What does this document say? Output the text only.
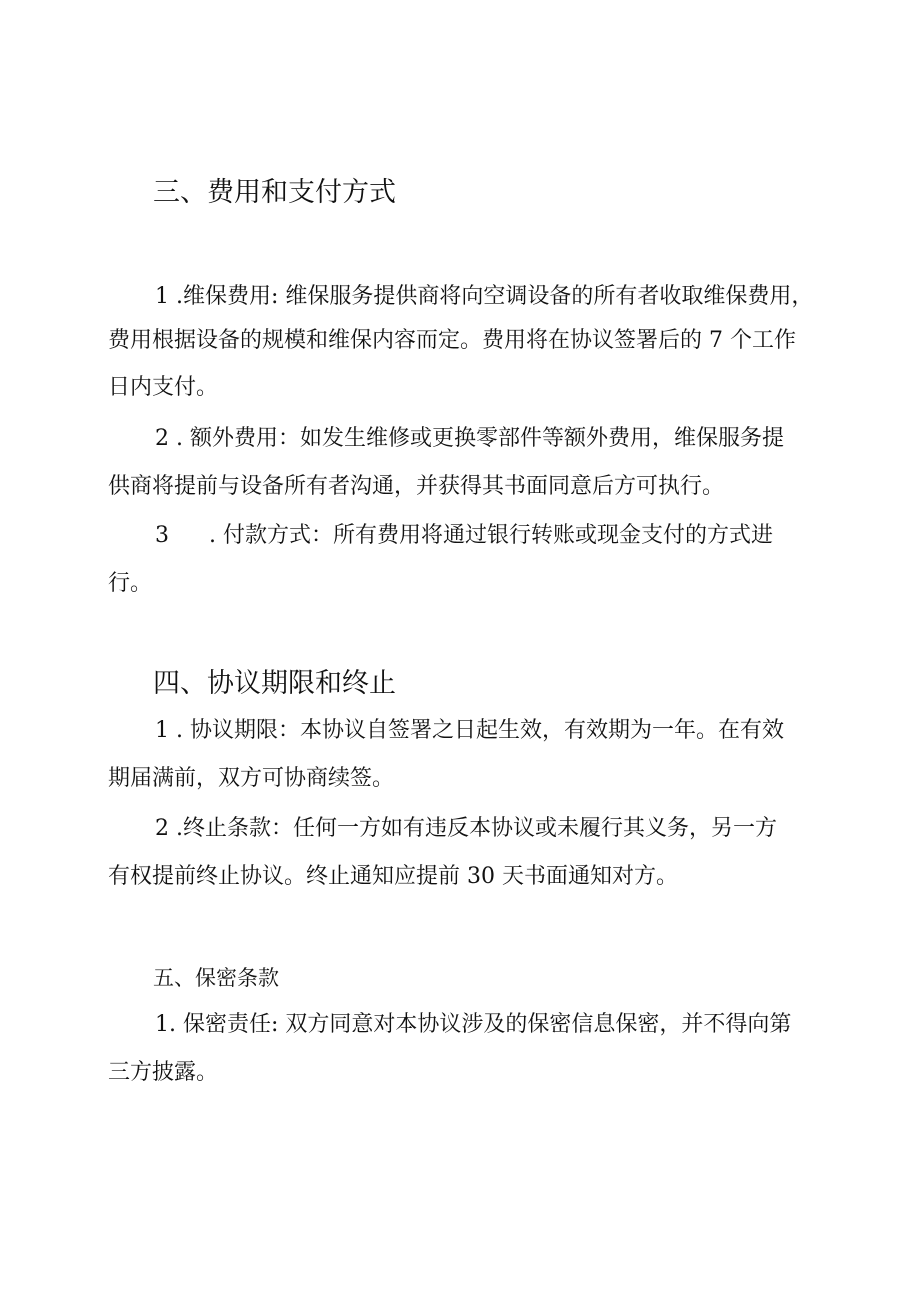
三、费用和支付方式
1 .维保费用: 维保服务提供商将向空调设备的所有者收取维保费用，
费用根据设备的规模和维保内容而定。费用将在协议签署后的 7 个工作
日内支付。
2 . 额外费用：如发生维修或更换零部件等额外费用，维保服务提
供商将提前与设备所有者沟通，并获得其书面同意后方可执行。
3 . 付款方式：所有费用将通过银行转账或现金支付的方式进
行。
四、协议期限和终止
1 . 协议期限：本协议自签署之日起生效，有效期为一年。在有效
期届满前，双方可协商续签。
2 .终止条款：任何一方如有违反本协议或未履行其义务，另一方
有权提前终止协议。终止通知应提前 30 天书面通知对方。
五、保密条款
1. 保密责任: 双方同意对本协议涉及的保密信息保密，并不得向第
三方披露。
